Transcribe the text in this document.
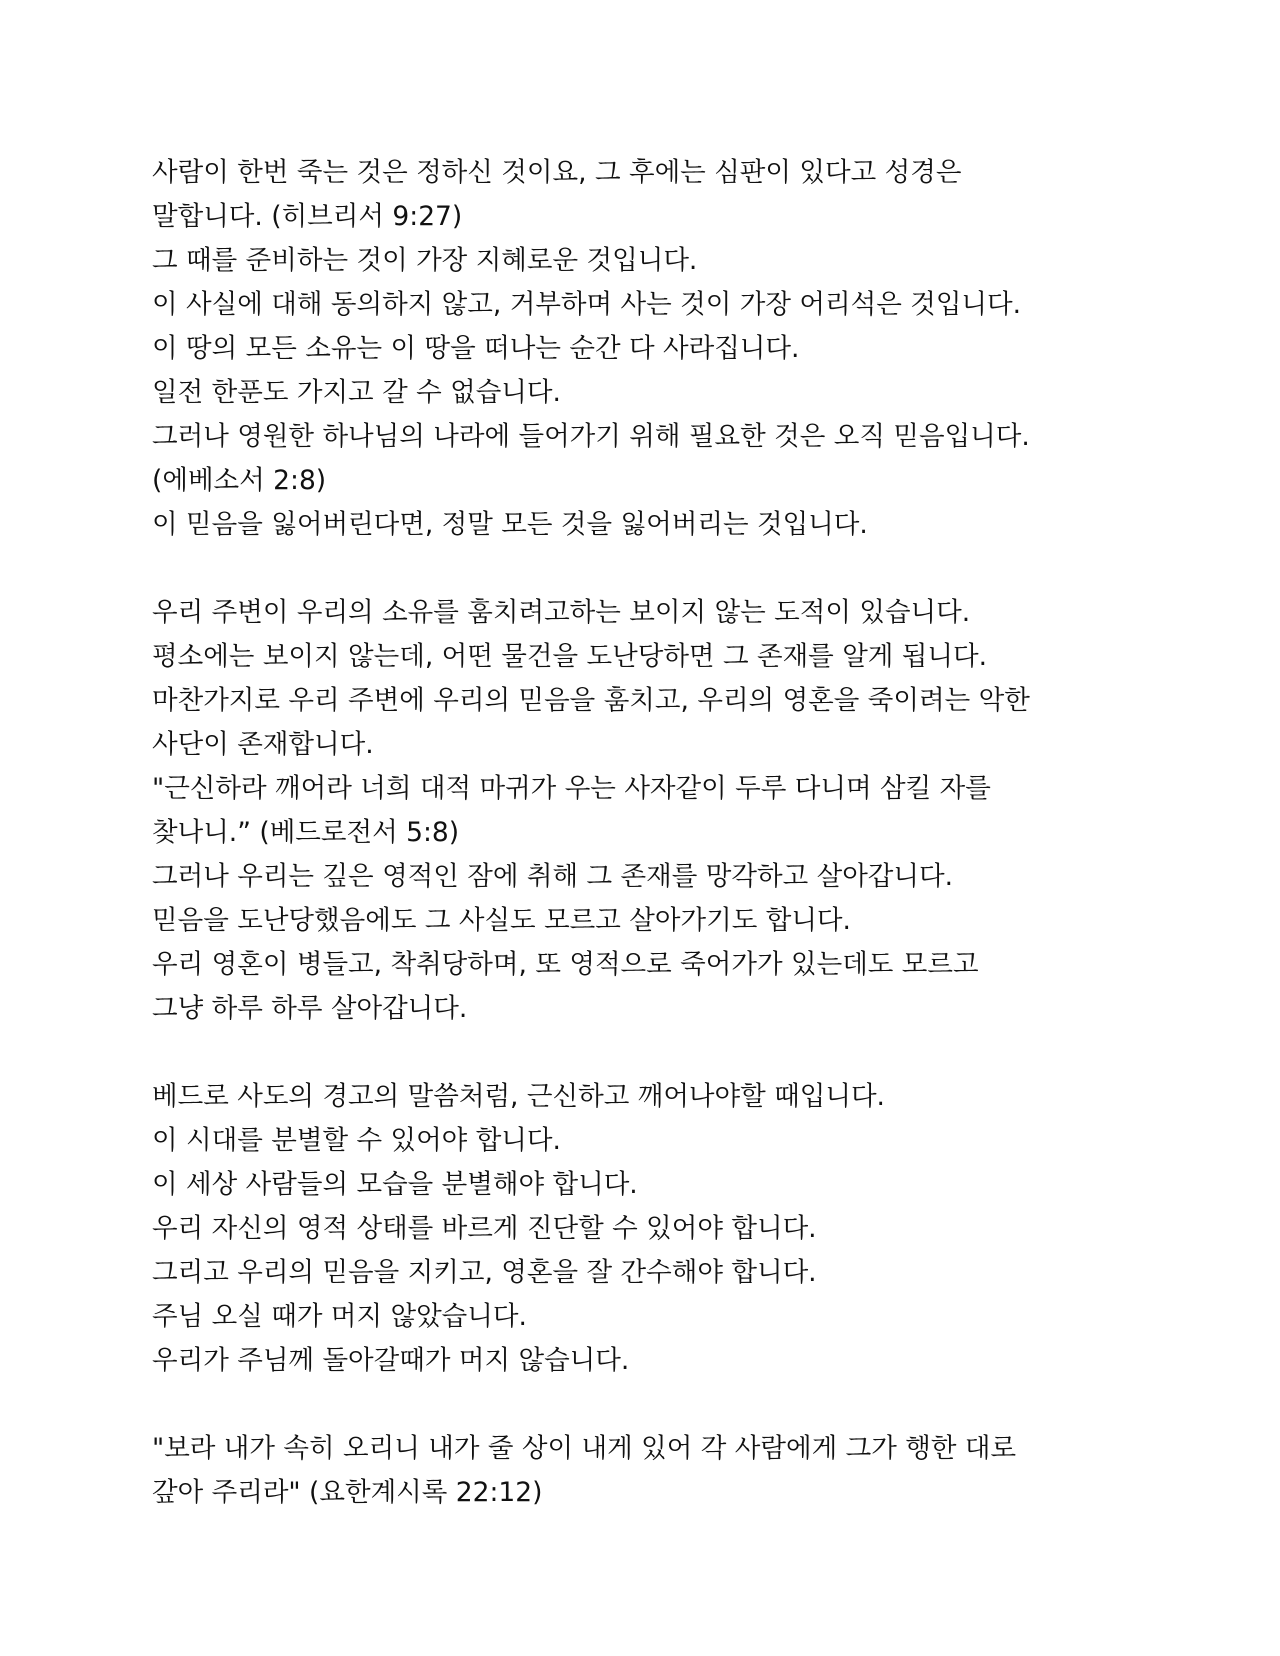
사람이 한번 죽는 것은 정하신 것이요, 그 후에는 심판이 있다고 성경은
말합니다. (히브리서 9:27)
그 때를 준비하는 것이 가장 지혜로운 것입니다.
이 사실에 대해 동의하지 않고, 거부하며 사는 것이 가장 어리석은 것입니다.
이 땅의 모든 소유는 이 땅을 떠나는 순간 다 사라집니다.
일전 한푼도 가지고 갈 수 없습니다.
그러나 영원한 하나님의 나라에 들어가기 위해 필요한 것은 오직 믿음입니다.
(에베소서 2:8)
이 믿음을 잃어버린다면, 정말 모든 것을 잃어버리는 것입니다.
우리 주변이 우리의 소유를 훔치려고하는 보이지 않는 도적이 있습니다.
평소에는 보이지 않는데, 어떤 물건을 도난당하면 그 존재를 알게 됩니다.
마찬가지로 우리 주변에 우리의 믿음을 훔치고, 우리의 영혼을 죽이려는 악한
사단이 존재합니다.
"근신하라 깨어라 너희 대적 마귀가 우는 사자같이 두루 다니며 삼킬 자를
찾나니.” (베드로전서 5:8)
그러나 우리는 깊은 영적인 잠에 취해 그 존재를 망각하고 살아갑니다.
믿음을 도난당했음에도 그 사실도 모르고 살아가기도 합니다.
우리 영혼이 병들고, 착취당하며, 또 영적으로 죽어가가 있는데도 모르고
그냥 하루 하루 살아갑니다.
베드로 사도의 경고의 말씀처럼, 근신하고 깨어나야할 때입니다.
이 시대를 분별할 수 있어야 합니다.
이 세상 사람들의 모습을 분별해야 합니다.
우리 자신의 영적 상태를 바르게 진단할 수 있어야 합니다.
그리고 우리의 믿음을 지키고, 영혼을 잘 간수해야 합니다.
주님 오실 때가 머지 않았습니다.
우리가 주님께 돌아갈때가 머지 않습니다.
"보라 내가 속히 오리니 내가 줄 상이 내게 있어 각 사람에게 그가 행한 대로
갚아 주리라" (요한계시록 22:12)
